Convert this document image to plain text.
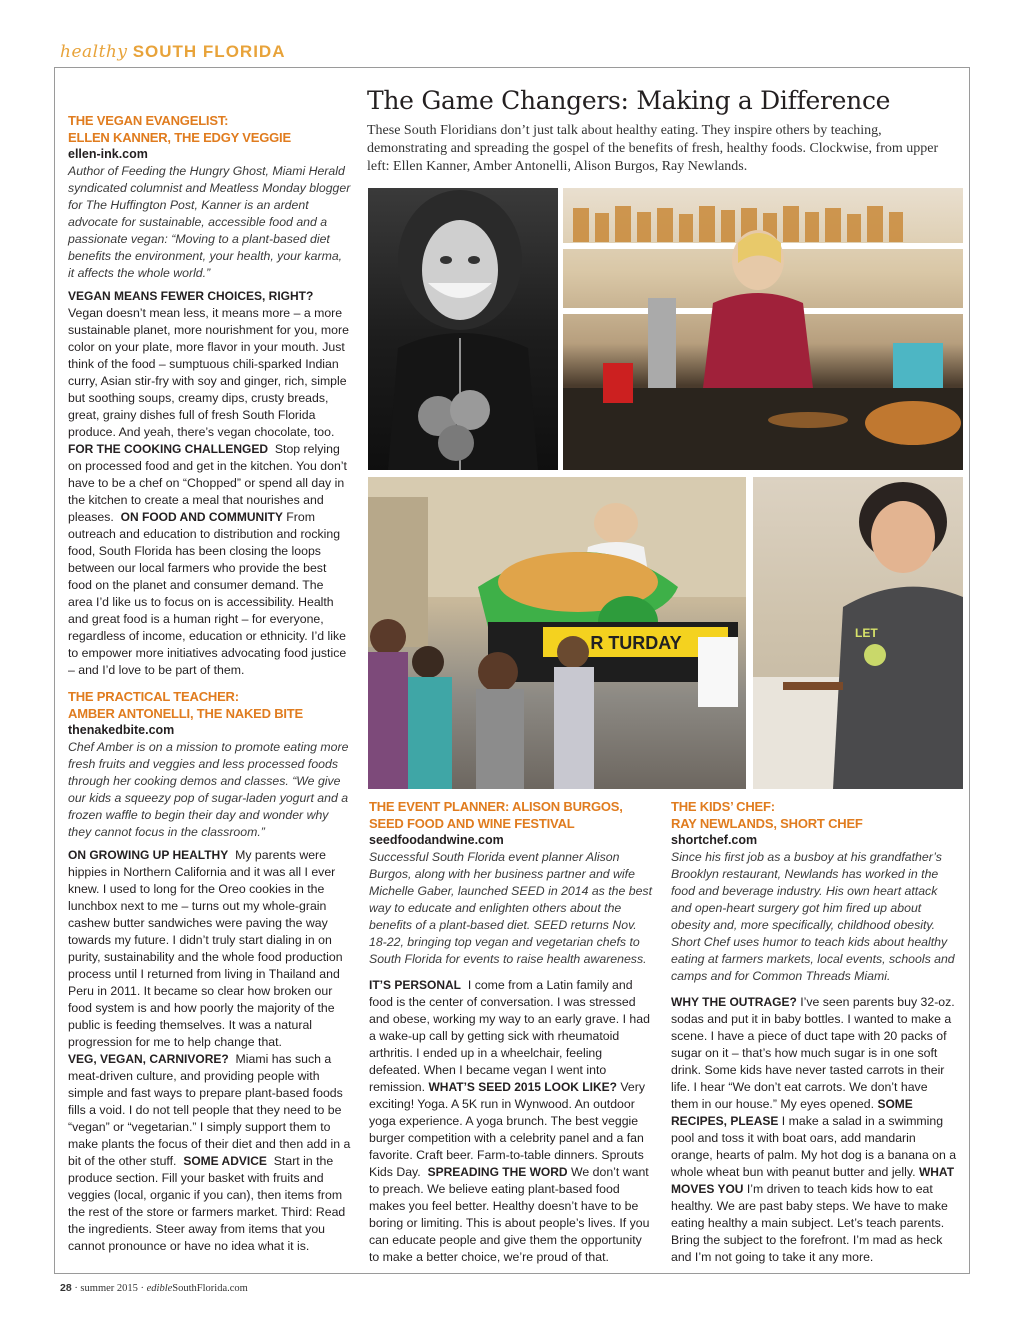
healthy SOUTH FLORIDA
The Game Changers: Making a Difference
These South Floridians don’t just talk about healthy eating. They inspire others by teaching, demonstrating and spreading the gospel of the benefits of fresh, healthy foods. Clockwise, from upper left: Ellen Kanner, Amber Antonelli, Alison Burgos, Ray Newlands.
THE VEGAN EVANGELIST:
ELLEN KANNER, THE EDGY VEGGIE
ellen-ink.com

Author of Feeding the Hungry Ghost, Miami Herald syndicated columnist and Meatless Monday blogger for The Huffington Post, Kanner is an ardent advocate for sustainable, accessible food and a passionate vegan: “Moving to a plant-based diet benefits the environment, your health, your karma, it affects the whole world.”

VEGAN MEANS FEWER CHOICES, RIGHT?

Vegan doesn’t mean less, it means more – a more sustainable planet, more nourishment for you, more color on your plate, more flavor in your mouth. Just think of the food – sumptuous chili-sparked Indian curry, Asian stir-fry with soy and ginger, rich, simple but soothing soups, creamy dips, crusty breads, great, grainy dishes full of fresh South Florida produce. And yeah, there’s vegan chocolate, too.

FOR THE COOKING CHALLENGED Stop relying on processed food and get in the kitchen. You don’t have to be a chef on “Chopped” or spend all day in the kitchen to create a meal that nourishes and pleases. ON FOOD AND COMMUNITY From outreach and education to distribution and rocking food, South Florida has been closing the loops between our local farmers who provide the best food on the planet and consumer demand. The area I’d like us to focus on is accessibility. Health and great food is a human right – for everyone, regardless of income, education or ethnicity. I’d like to empower more initiatives advocating food justice – and I’d love to be part of them.

THE PRACTICAL TEACHER:
AMBER ANTONELLI, THE NAKED BITE
thenakedbite.com

Chef Amber is on a mission to promote eating more fresh fruits and veggies and less processed foods through her cooking demos and classes. “We give our kids a squeezy pop of sugar-laden yogurt and a frozen waffle to begin their day and wonder why they cannot focus in the classroom.”

ON GROWING UP HEALTHY My parents were hippies in Northern California and it was all I ever knew. I used to long for the Oreo cookies in the lunchbox next to me – turns out my whole-grain cashew butter sandwiches were paving the way towards my future. I didn’t truly start dialing in on purity, sustainability and the whole food production process until I returned from living in Thailand and Peru in 2011. It became so clear how broken our food system is and how poorly the majority of the public is feeding themselves. It was a natural progression for me to help change that.

VEG, VEGAN, CARNIVORE? Miami has such a meat-driven culture, and providing people with simple and fast ways to prepare plant-based foods fills a void. I do not tell people that they need to be “vegan” or “vegetarian.” I simply support them to make plants the focus of their diet and then add in a bit of the other stuff. SOME ADVICE Start in the produce section. Fill your basket with fruits and veggies (local, organic if you can), then items from the rest of the store or farmers market. Third: Read the ingredients. Steer away from items that you cannot pronounce or have no idea what it is.

R TURDAY	LET
THE EVENT PLANNER: ALISON BURGOS,
SEED FOOD AND WINE FESTIVAL
seedfoodandwine.com

Successful South Florida event planner Alison Burgos, along with her business partner and wife Michelle Gaber, launched SEED in 2014 as the best way to educate and enlighten others about the benefits of a plant-based diet. SEED returns Nov. 18-22, bringing top vegan and vegetarian chefs to South Florida for events to raise health awareness.

IT’S PERSONAL I come from a Latin family and food is the center of conversation. I was stressed and obese, working my way to an early grave. I had a wake-up call by getting sick with rheumatoid arthritis. I ended up in a wheelchair, feeling defeated. When I became vegan I went into remission. WHAT’S SEED 2015 LOOK LIKE? Very exciting! Yoga. A 5K run in Wynwood. An outdoor yoga experience. A yoga brunch. The best veggie burger competition with a celebrity panel and a fan favorite. Craft beer. Farm-to-table dinners. Sprouts Kids Day. SPREADING THE WORD We don’t want to preach. We believe eating plant-based food makes you feel better. Healthy doesn’t have to be boring or limiting. This is about people’s lives. If you can educate people and give them the opportunity to make a better choice, we’re proud of that.

THE KIDS’ CHEF:
RAY NEWLANDS, SHORT CHEF
shortchef.com

Since his first job as a busboy at his grandfather’s Brooklyn restaurant, Newlands has worked in the food and beverage industry. His own heart attack and open-heart surgery got him fired up about obesity and, more specifically, childhood obesity. Short Chef uses humor to teach kids about healthy eating at farmers markets, local events, schools and camps and for Common Threads Miami.

WHY THE OUTRAGE? I’ve seen parents buy 32-oz. sodas and put it in baby bottles. I wanted to make a scene. I have a piece of duct tape with 20 packs of sugar on it – that’s how much sugar is in one soft drink. Some kids have never tasted carrots in their life. I hear “We don’t eat carrots. We don’t have them in our house.” My eyes opened. SOME RECIPES, PLEASE I make a salad in a swimming pool and toss it with boat oars, add mandarin orange, hearts of palm. My hot dog is a banana on a whole wheat bun with peanut butter and jelly. WHAT MOVES YOU I’m driven to teach kids how to eat healthy. We are past baby steps. We have to make eating healthy a main subject. Let’s teach parents. Bring the subject to the forefront. I’m mad as heck and I’m not going to take it any more.

28 · summer 2015 · edibleSouthFlorida.com
